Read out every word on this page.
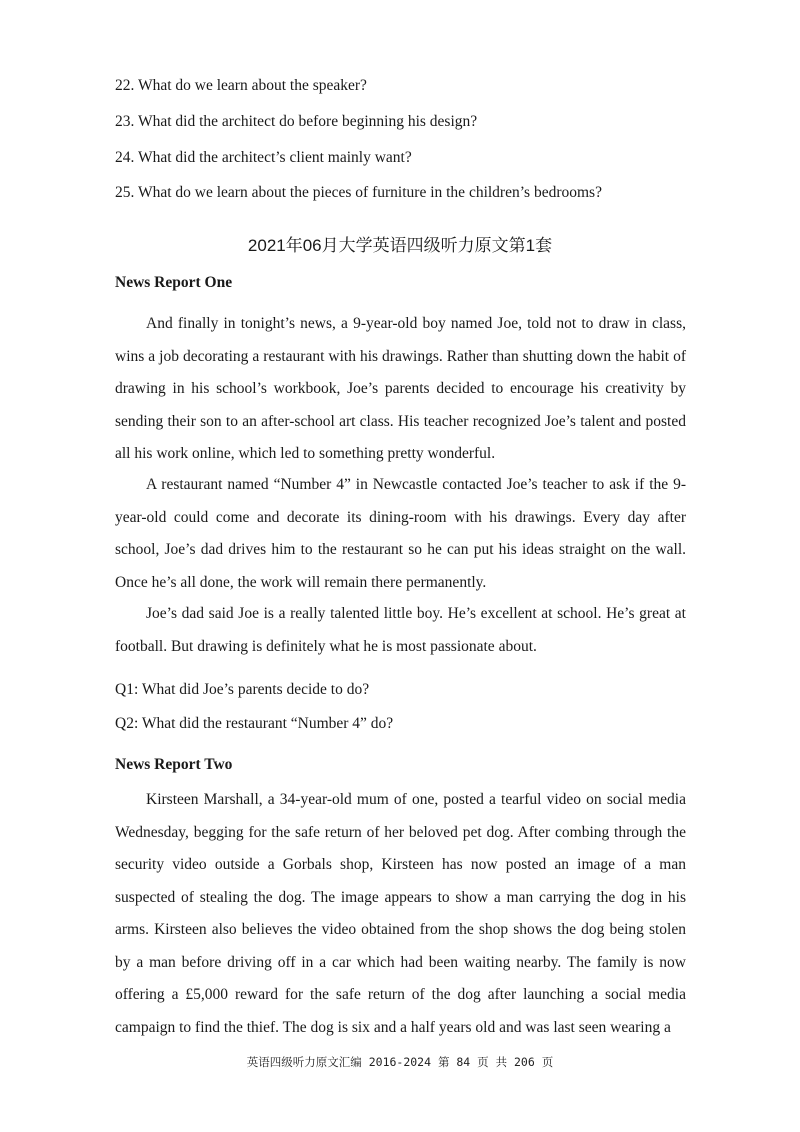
22. What do we learn about the speaker?
23. What did the architect do before beginning his design?
24. What did the architect’s client mainly want?
25. What do we learn about the pieces of furniture in the children’s bedrooms?
2021年06月大学英语四级听力原文第1套
News Report One

And finally in tonight’s news, a 9-year-old boy named Joe, told not to draw in class, wins a job decorating a restaurant with his drawings. Rather than shutting down the habit of drawing in his school’s workbook, Joe’s parents decided to encourage his creativity by sending their son to an after-school art class. His teacher recognized Joe’s talent and posted all his work online, which led to something pretty wonderful.

A restaurant named “Number 4” in Newcastle contacted Joe’s teacher to ask if the 9-year-old could come and decorate its dining-room with his drawings. Every day after school, Joe’s dad drives him to the restaurant so he can put his ideas straight on the wall. Once he’s all done, the work will remain there permanently.

Joe’s dad said Joe is a really talented little boy. He’s excellent at school. He’s great at football. But drawing is definitely what he is most passionate about.

Q1: What did Joe’s parents decide to do?
Q2: What did the restaurant “Number 4” do?
News Report Two

Kirsteen Marshall, a 34-year-old mum of one, posted a tearful video on social media Wednesday, begging for the safe return of her beloved pet dog. After combing through the security video outside a Gorbals shop, Kirsteen has now posted an image of a man suspected of stealing the dog. The image appears to show a man carrying the dog in his arms. Kirsteen also believes the video obtained from the shop shows the dog being stolen by a man before driving off in a car which had been waiting nearby. The family is now offering a £5,000 reward for the safe return of the dog after launching a social media campaign to find the thief. The dog is six and a half years old and was last seen wearing a

英语四级听力原文汇编 2016-2024 第 84 页 共 206 页
